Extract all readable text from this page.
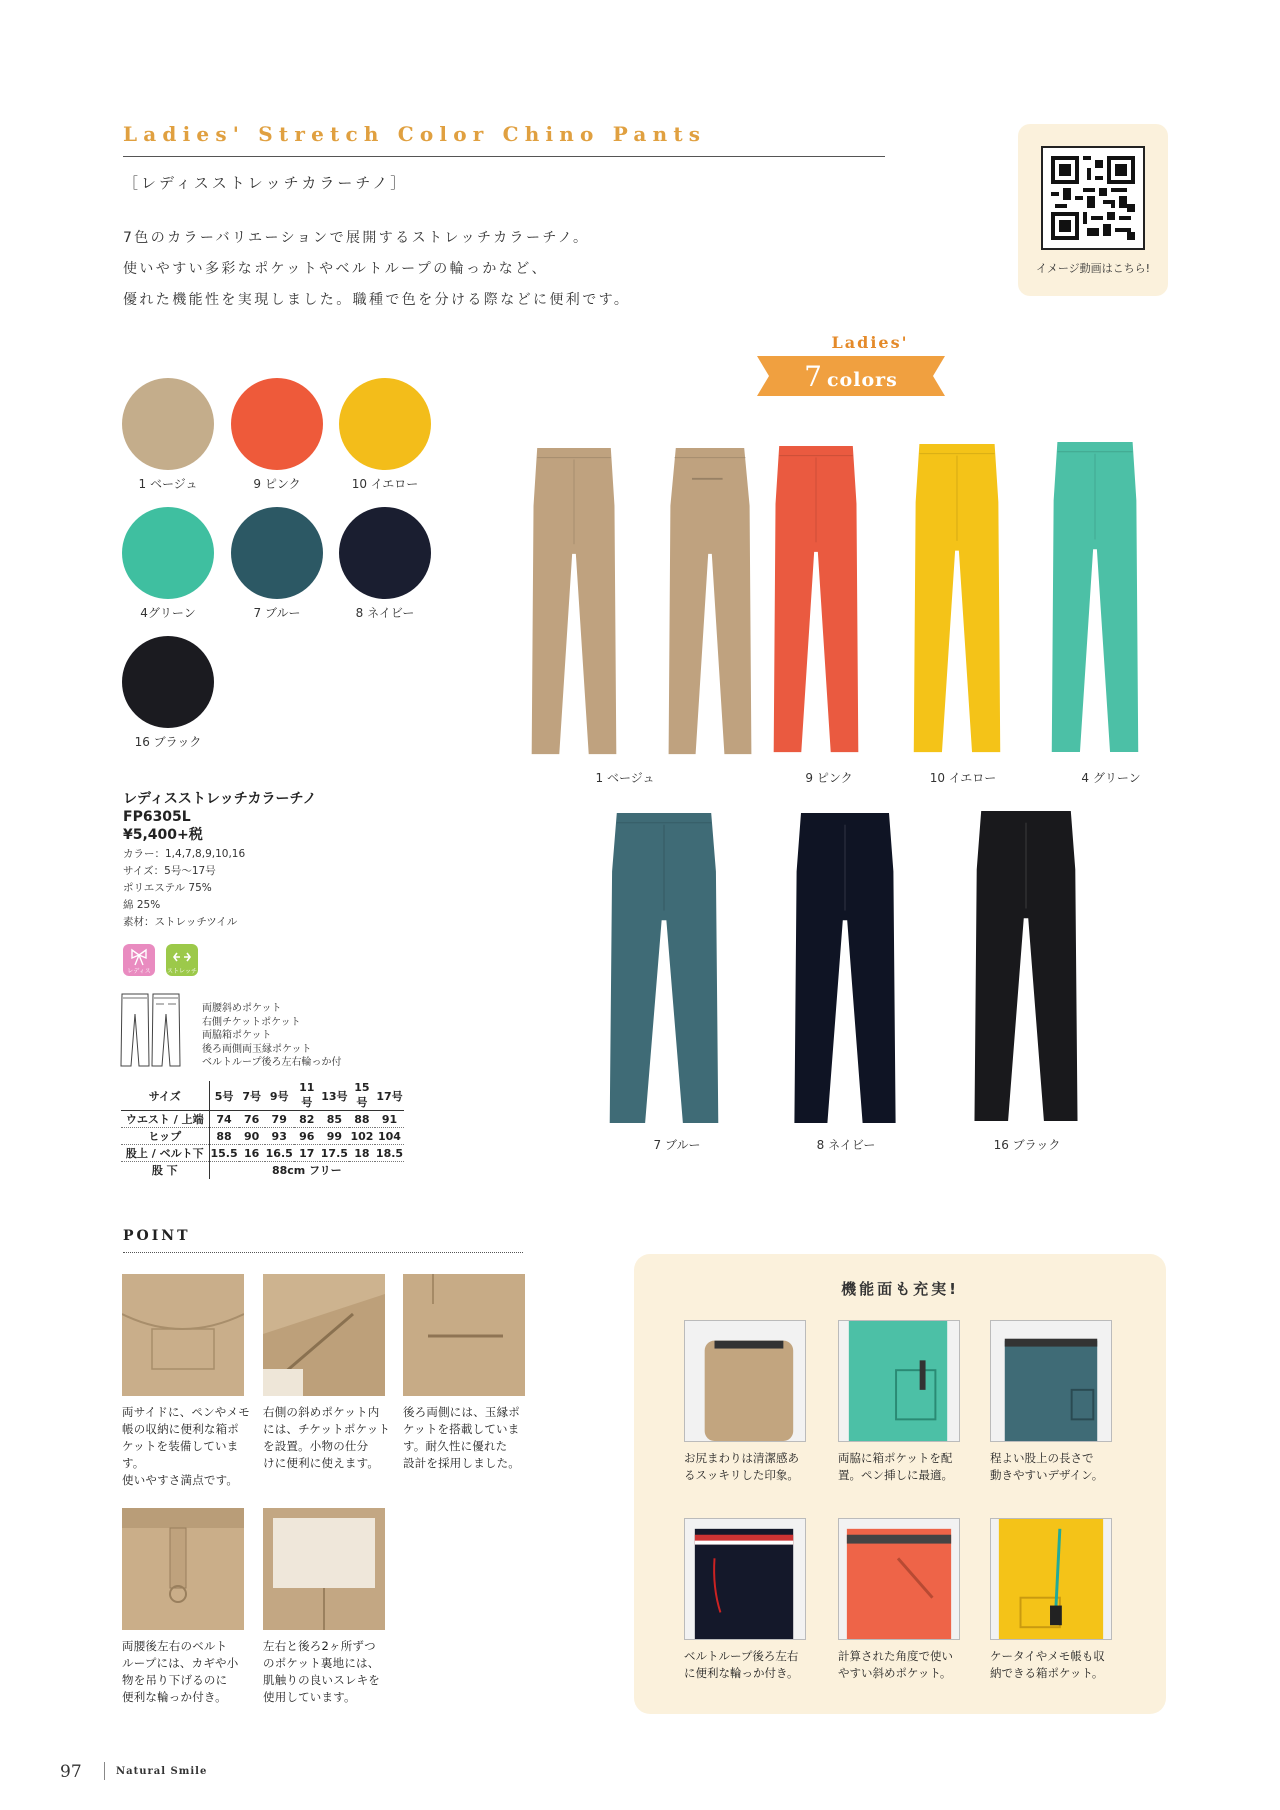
Ladies' Stretch Color Chino Pants
［レディスストレッチカラーチノ］

7色のカラーバリエーションで展開するストレッチカラーチノ。

使いやすい多彩なポケットやベルトループの輪っかなど、

優れた機能性を実現しました。職種で色を分ける際などに便利です。

イメージ動画はこちら!
Ladies'
7 colors
1 ベージュ	9 ピンク	10 イエロー
4グリーン	7 ブルー	8 ネイビー
16 ブラック
1 ベージュ	9 ピンク	10 イエロー	4 グリーン
7 ブルー	8 ネイビー	16 ブラック
レディスストレッチカラーチノ
FP6305L
¥5,400+税
カラー：1,4,7,8,9,10,16
サイズ：5号〜17号
ポリエステル 75%
綿 25%
素材：ストレッチツイル
レディス	ストレッチ
両腰斜めポケット
右側チケットポケット
両脇箱ポケット
後ろ両側両玉縁ポケット
ベルトループ後ろ左右輪っか付
サイズ	5号	7号	9号	11号	13号	15号	17号
ウエスト / 上端	74	76	79	82	85	88	91
ヒップ	88	90	93	96	99	102	104
股上 / ベルト下	15.5	16	16.5	17	17.5	18	18.5
股 下	88cm フリー						
POINT
両サイドに、ペンやメモ
帳の収納に便利な箱ポ
ケットを装備しています。
使いやすさ満点です。
右側の斜めポケット内
には、チケットポケット
を設置。小物の仕分
けに便利に使えます。
後ろ両側には、玉縁ポ
ケットを搭載していま
す。耐久性に優れた
設計を採用しました。
両腰後左右のベルト
ループには、カギや小
物を吊り下げるのに
便利な輪っか付き。
左右と後ろ2ヶ所ずつ
のポケット裏地には、
肌触りの良いスレキを
使用しています。
機能面も充実!
お尻まわりは清潔感あ
るスッキリした印象。
両脇に箱ポケットを配
置。ペン挿しに最適。
程よい股上の長さで
動きやすいデザイン。
ベルトループ後ろ左右
に便利な輪っか付き。
計算された角度で使い
やすい斜めポケット。
ケータイやメモ帳も収
納できる箱ポケット。
97	Natural Smile
